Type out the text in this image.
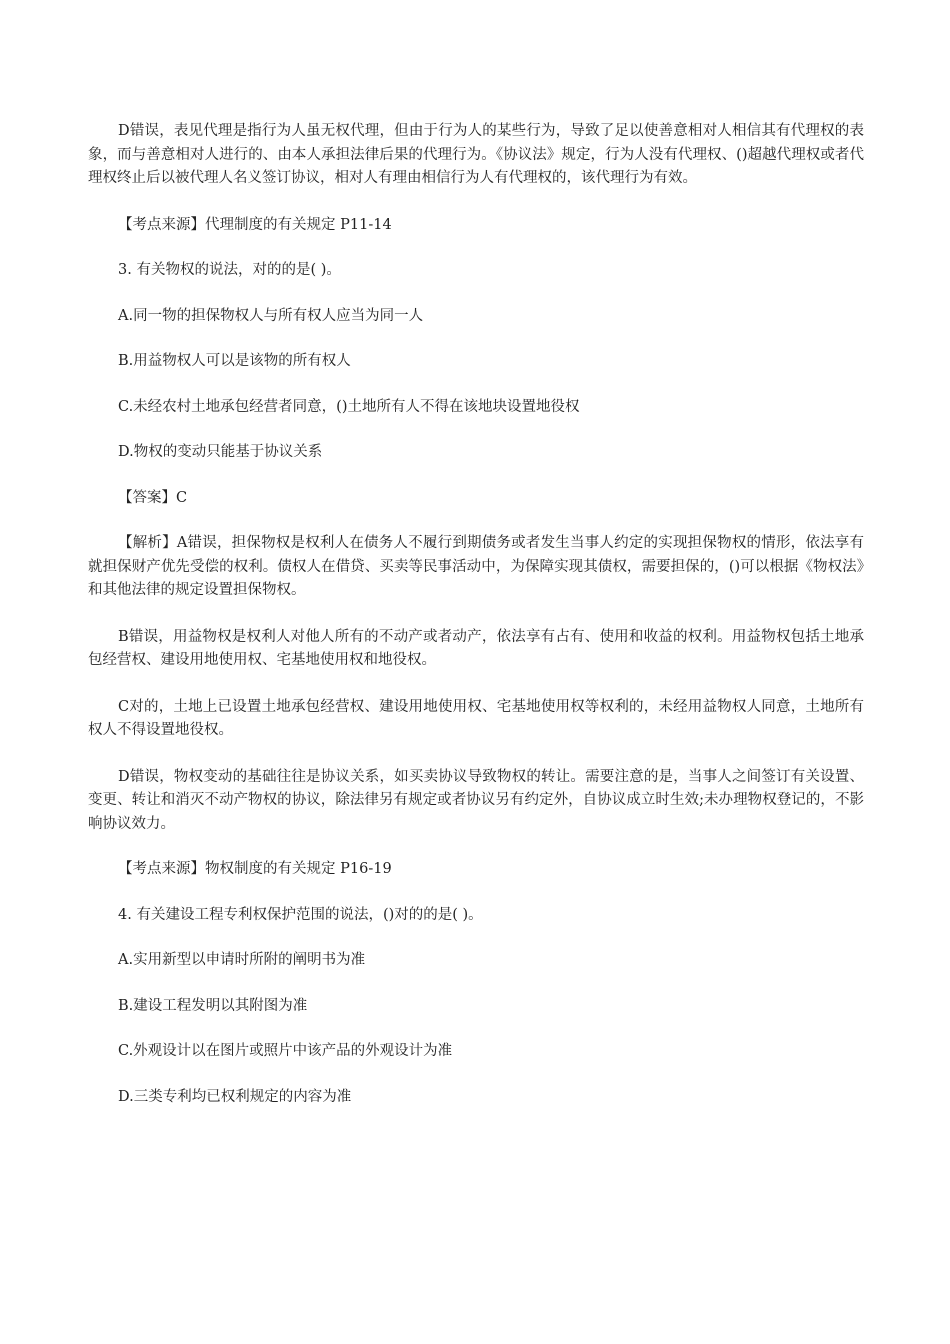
D错误，表见代理是指行为人虽无权代理，但由于行为人的某些行为，导致了足以使善意相对人相信其有代理权的表象，而与善意相对人进行的、由本人承担法律后果的代理行为。《协议法》规定，行为人没有代理权、()超越代理权或者代理权终止后以被代理人名义签订协议，相对人有理由相信行为人有代理权的，该代理行为有效。

【考点来源】代理制度的有关规定 P11-14

3. 有关物权的说法，对的的是( )。

A.同一物的担保物权人与所有权人应当为同一人

B.用益物权人可以是该物的所有权人

C.未经农村土地承包经营者同意，()土地所有人不得在该地块设置地役权

D.物权的变动只能基于协议关系

【答案】C

【解析】A错误，担保物权是权利人在债务人不履行到期债务或者发生当事人约定的实现担保物权的情形，依法享有就担保财产优先受偿的权利。债权人在借贷、买卖等民事活动中，为保障实现其债权，需要担保的，()可以根据《物权法》和其他法律的规定设置担保物权。

B错误，用益物权是权利人对他人所有的不动产或者动产，依法享有占有、使用和收益的权利。用益物权包括土地承包经营权、建设用地使用权、宅基地使用权和地役权。

C对的，土地上已设置土地承包经营权、建设用地使用权、宅基地使用权等权利的，未经用益物权人同意，土地所有权人不得设置地役权。

D错误，物权变动的基础往往是协议关系，如买卖协议导致物权的转让。需要注意的是，当事人之间签订有关设置、变更、转让和消灭不动产物权的协议，除法律另有规定或者协议另有约定外，自协议成立时生效;未办理物权登记的，不影响协议效力。

【考点来源】物权制度的有关规定 P16-19

4. 有关建设工程专利权保护范围的说法，()对的的是( )。

A.实用新型以申请时所附的阐明书为准

B.建设工程发明以其附图为准

C.外观设计以在图片或照片中该产品的外观设计为准

D.三类专利均已权利规定的内容为准
